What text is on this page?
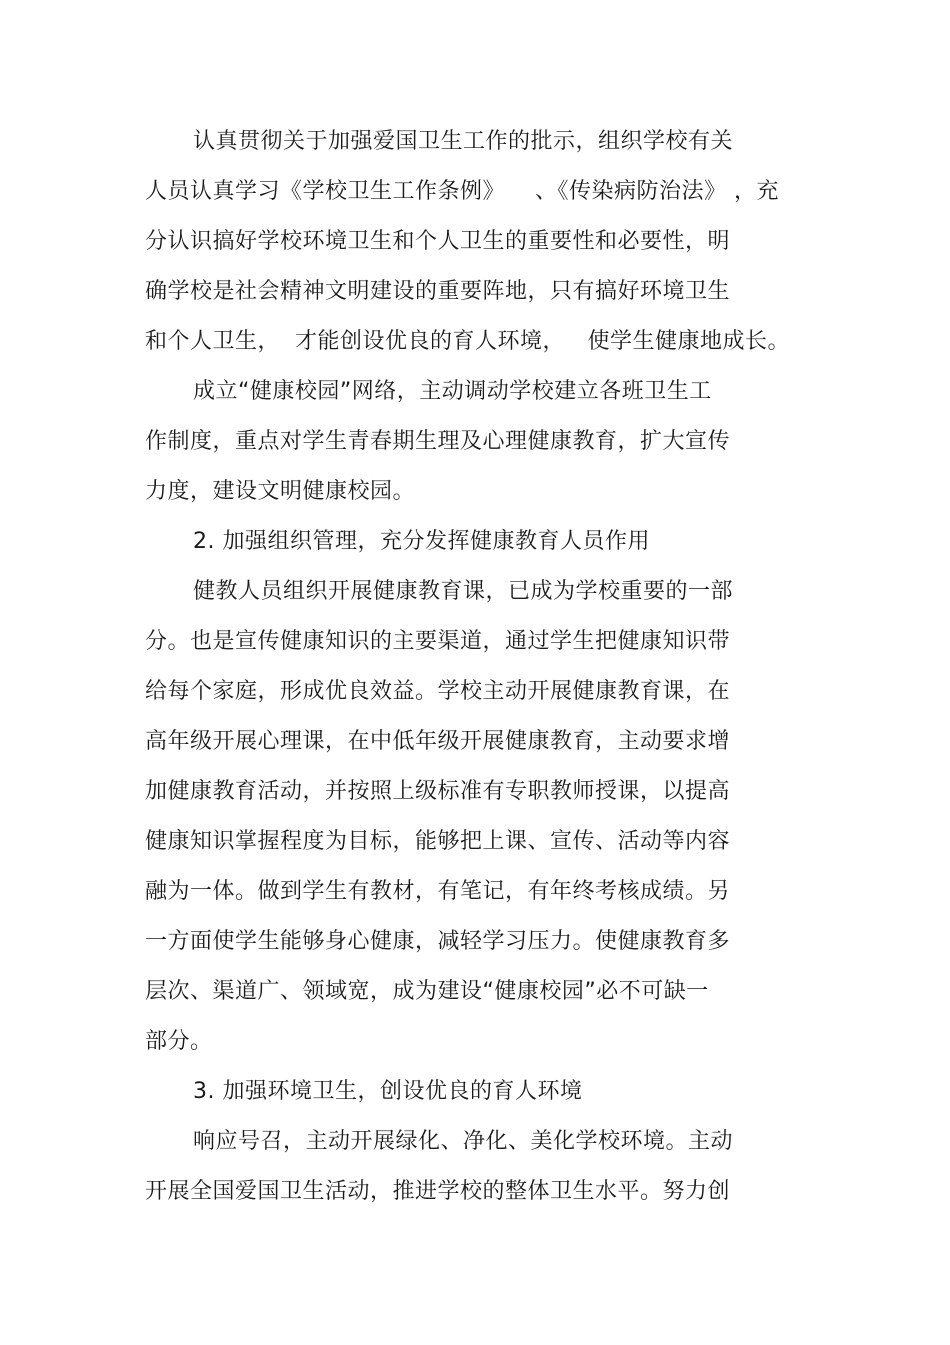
认真贯彻关于加强爱国卫生工作的批示，组织学校有关
人员认真学习《学校卫生工作条例》    、《传染病防治法》 ，充
分认识搞好学校环境卫生和个人卫生的重要性和必要性，明
确学校是社会精神文明建设的重要阵地，只有搞好环境卫生
和个人卫生，  才能创设优良的育人环境，   使学生健康地成长。
成立“健康校园”网络，主动调动学校建立各班卫生工
作制度，重点对学生青春期生理及心理健康教育，扩大宣传
力度，建设文明健康校园。
2. 加强组织管理，充分发挥健康教育人员作用
健教人员组织开展健康教育课，已成为学校重要的一部
分。也是宣传健康知识的主要渠道，通过学生把健康知识带
给每个家庭，形成优良效益。学校主动开展健康教育课，在
高年级开展心理课，在中低年级开展健康教育，主动要求增
加健康教育活动，并按照上级标准有专职教师授课，以提高
健康知识掌握程度为目标，能够把上课、宣传、活动等内容
融为一体。做到学生有教材，有笔记，有年终考核成绩。另
一方面使学生能够身心健康，减轻学习压力。使健康教育多
层次、渠道广、领域宽，成为建设“健康校园”必不可缺一
部分。
3. 加强环境卫生，创设优良的育人环境
响应号召，主动开展绿化、净化、美化学校环境。主动
开展全国爱国卫生活动，推进学校的整体卫生水平。努力创
